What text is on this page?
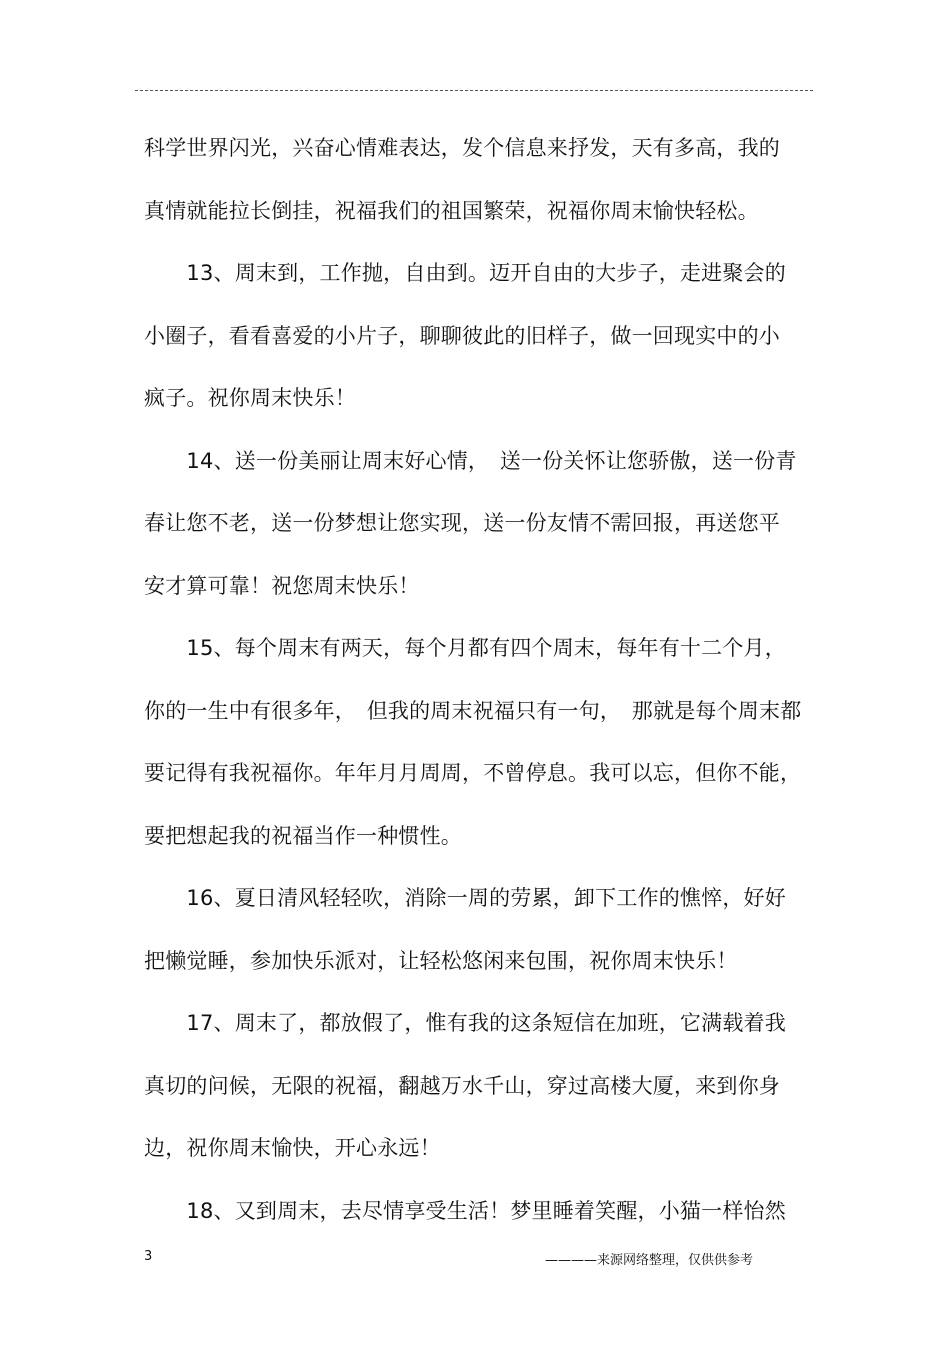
科学世界闪光，兴奋心情难表达，发个信息来抒发，天有多高，我的
真情就能拉长倒挂，祝福我们的祖国繁荣，祝福你周末愉快轻松。
　　13、周末到，工作抛，自由到。迈开自由的大步子，走进聚会的
小圈子，看看喜爱的小片子，聊聊彼此的旧样子，做一回现实中的小
疯子。祝你周末快乐！
　　14、送一份美丽让周末好心情，　送一份关怀让您骄傲，送一份青
春让您不老，送一份梦想让您实现，送一份友情不需回报，再送您平
安才算可靠！祝您周末快乐！
　　15、每个周末有两天，每个月都有四个周末，每年有十二个月，
你的一生中有很多年，　但我的周末祝福只有一句，　那就是每个周末都
要记得有我祝福你。年年月月周周，不曾停息。我可以忘，但你不能，
要把想起我的祝福当作一种惯性。
　　16、夏日清风轻轻吹，消除一周的劳累，卸下工作的憔悴，好好
把懒觉睡，参加快乐派对，让轻松悠闲来包围，祝你周末快乐！
　　17、周末了，都放假了，惟有我的这条短信在加班，它满载着我
真切的问候，无限的祝福，翻越万水千山，穿过高楼大厦，来到你身
边，祝你周末愉快，开心永远！
　　18、又到周末，去尽情享受生活！梦里睡着笑醒，小猫一样怡然
3	————来源网络整理，仅供供参考
